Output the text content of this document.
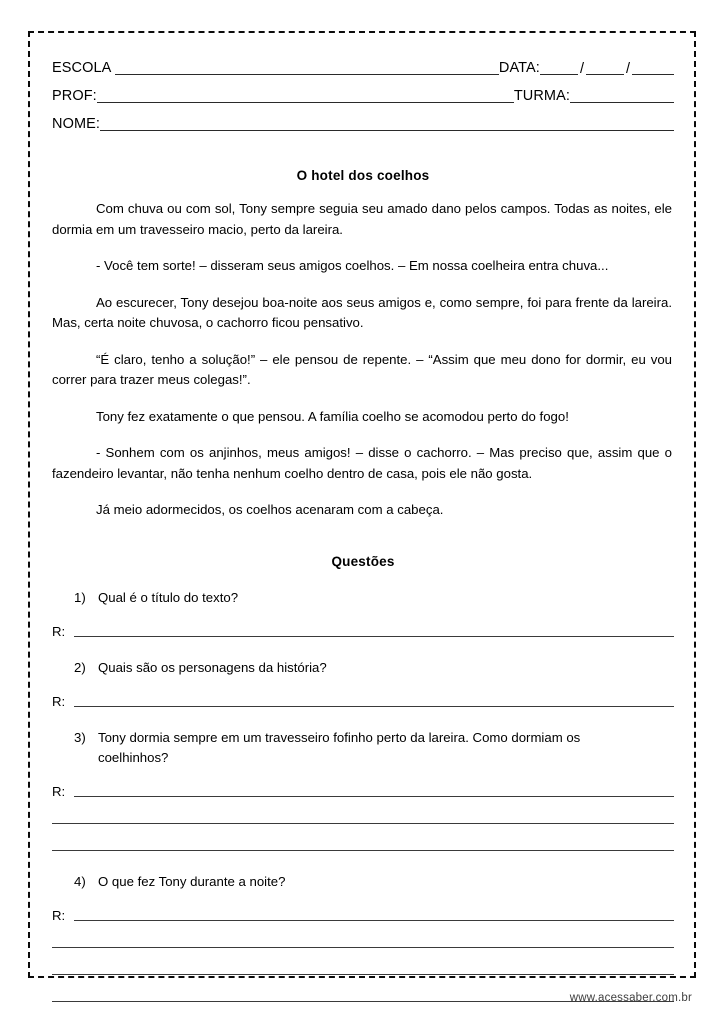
ESCOLA	DATA:	/	/
PROF:	TURMA:
NOME:
O hotel dos coelhos

Com chuva ou com sol, Tony sempre seguia seu amado dano pelos campos. Todas as noites, ele dormia em um travesseiro macio, perto da lareira.

- Você tem sorte! – disseram seus amigos coelhos. – Em nossa coelheira entra chuva...

Ao escurecer, Tony desejou boa-noite aos seus amigos e, como sempre, foi para frente da lareira. Mas, certa noite chuvosa, o cachorro ficou pensativo.

“É claro, tenho a solução!” – ele pensou de repente. – “Assim que meu dono for dormir, eu vou correr para trazer meus colegas!”.

Tony fez exatamente o que pensou. A família coelho se acomodou perto do fogo!

- Sonhem com os anjinhos, meus amigos! – disse o cachorro. – Mas preciso que, assim que o fazendeiro levantar, não tenha nenhum coelho dentro de casa, pois ele não gosta.

Já meio adormecidos, os coelhos acenaram com a cabeça.

Questões
1) Qual é o título do texto?
R:
2) Quais são os personagens da história?
R:
3) Tony dormia sempre em um travesseiro fofinho perto da lareira. Como dormiam os coelhinhos?
R:
4) O que fez Tony durante a noite?
R:
www.acessaber.com.br
